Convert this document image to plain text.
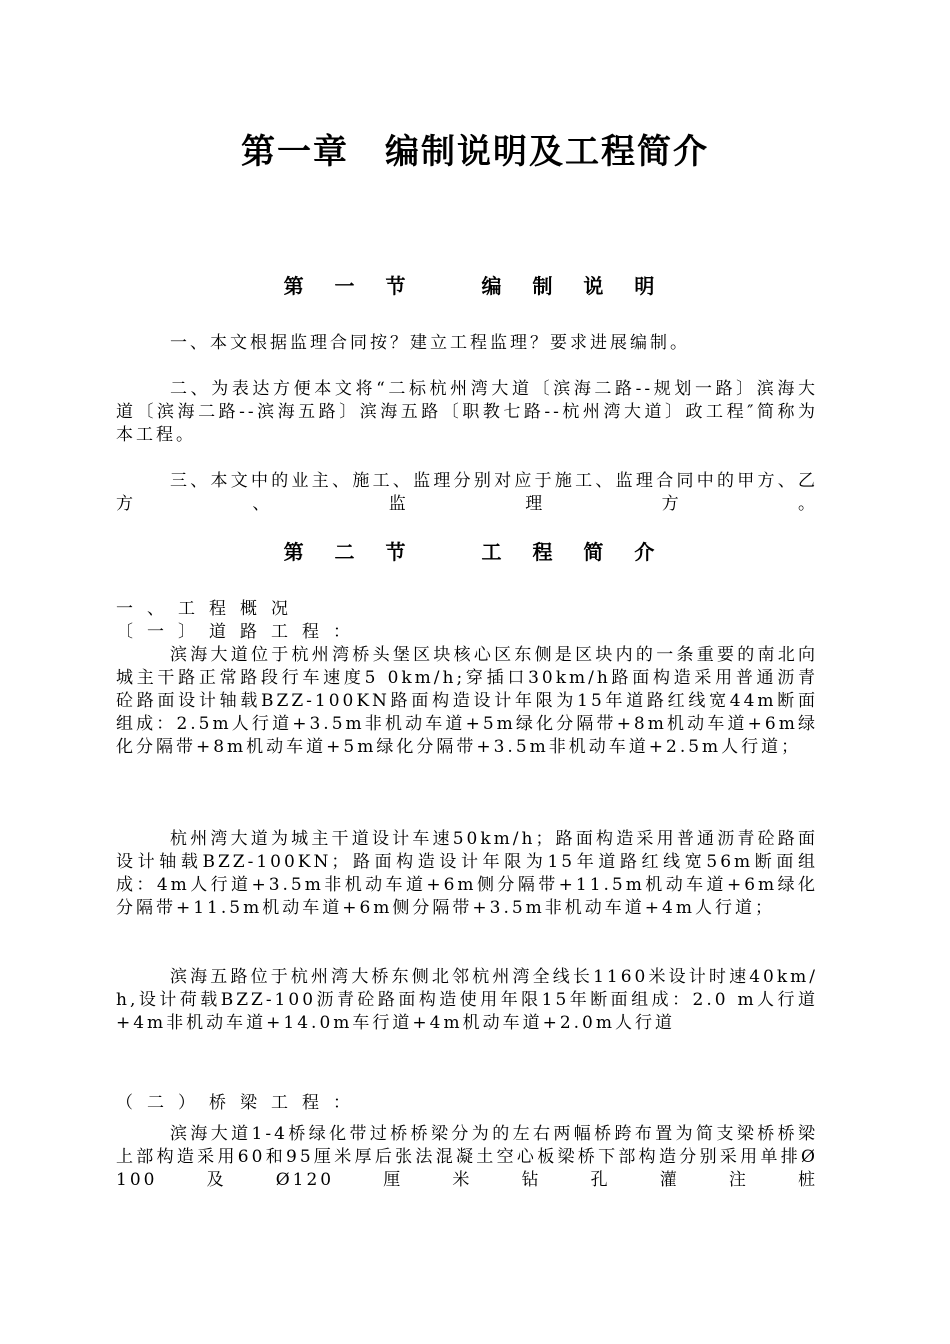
第一章　编制说明及工程简介
第 一 节　　编 制 说 明

一、本文根据监理合同按？建立工程监理？要求进展编制。

二、为表达方便本文将“二标杭州湾大道〔滨海二路--规划一路〕滨海大道〔滨海二路--滨海五路〕滨海五路〔职教七路--杭州湾大道〕政工程″简称为本工程。

三、本文中的业主、施工、监理分别对应于施工、监理合同中的甲方、乙方、监理方。

第 二 节　　工 程 简 介
一、工程概况
〔一〕道路工程：

滨海大道位于杭州湾桥头堡区块核心区东侧是区块内的一条重要的南北向城主干路正常路段行车速度5 0km/h;穿插口30km/h路面构造采用普通沥青砼路面设计轴载BZZ-100KN路面构造设计年限为15年道路红线宽44m断面组成：2.5m人行道+3.5m非机动车道+5m绿化分隔带+8m机动车道+6m绿化分隔带+8m机动车道+5m绿化分隔带+3.5m非机动车道+2.5m人行道；

杭州湾大道为城主干道设计车速50km/h；路面构造采用普通沥青砼路面设计轴载BZZ-100KN；路面构造设计年限为15年道路红线宽56m断面组成：4m人行道+3.5m非机动车道+6m侧分隔带+11.5m机动车道+6m绿化分隔带+11.5m机动车道+6m侧分隔带+3.5m非机动车道+4m人行道；

滨海五路位于杭州湾大桥东侧北邻杭州湾全线长1160米设计时速40km/h,设计荷载BZZ-100沥青砼路面构造使用年限15年断面组成：2.0 m人行道+4m非机动车道+14.0m车行道+4m机动车道+2.0m人行道

（二）桥梁工程：

滨海大道1-4桥绿化带过桥桥梁分为的左右两幅桥跨布置为简支梁桥桥梁上部构造采用60和95厘米厚后张法混凝土空心板梁桥下部构造分别采用单排Ø100及Ø120厘米钻孔灌注桩
